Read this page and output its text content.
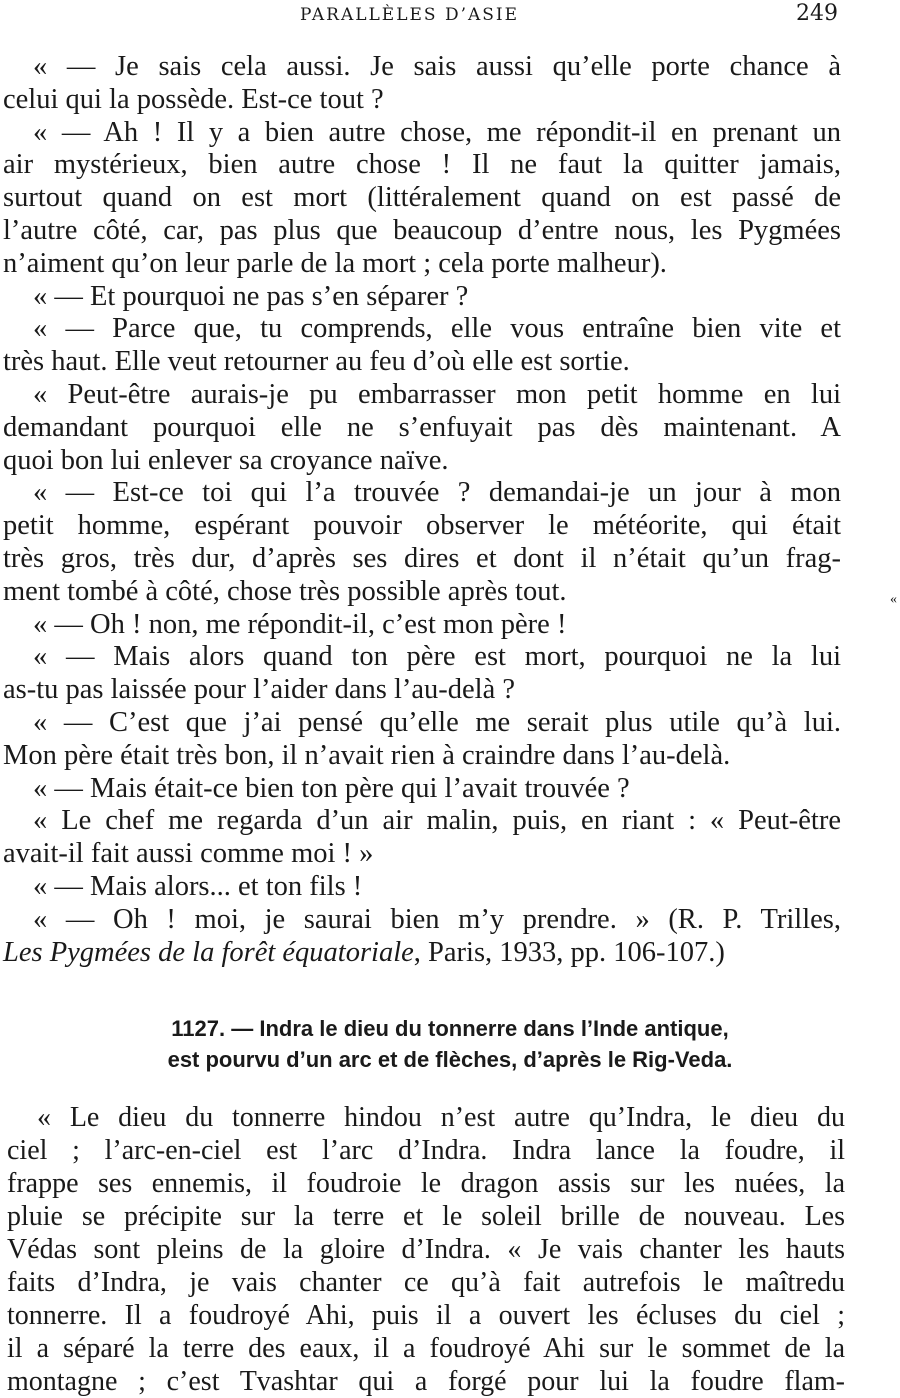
PARALLÈLES D’ASIE	249
« — Je sais cela aussi. Je sais aussi qu’elle porte chance à
celui qui la possède. Est-ce tout ?
« — Ah ! Il y a bien autre chose, me répondit-il en prenant un
air mystérieux, bien autre chose ! Il ne faut la quitter jamais,
surtout quand on est mort (littéralement quand on est passé de
l’autre côté, car, pas plus que beaucoup d’entre nous, les Pygmées
n’aiment qu’on leur parle de la mort ; cela porte malheur).
« — Et pourquoi ne pas s’en séparer ?
« — Parce que, tu comprends, elle vous entraîne bien vite et
très haut. Elle veut retourner au feu d’où elle est sortie.
« Peut-être aurais-je pu embarrasser mon petit homme en lui
demandant pourquoi elle ne s’enfuyait pas dès maintenant. A
quoi bon lui enlever sa croyance naïve.
« — Est-ce toi qui l’a trouvée ? demandai-je un jour à mon
petit homme, espérant pouvoir observer le météorite, qui était
très gros, très dur, d’après ses dires et dont il n’était qu’un frag-
ment tombé à côté, chose très possible après tout.
« — Oh ! non, me répondit-il, c’est mon père !
« — Mais alors quand ton père est mort, pourquoi ne la lui
as-tu pas laissée pour l’aider dans l’au-delà ?
« — C’est que j’ai pensé qu’elle me serait plus utile qu’à lui.
Mon père était très bon, il n’avait rien à craindre dans l’au-delà.
« — Mais était-ce bien ton père qui l’avait trouvée ?
« Le chef me regarda d’un air malin, puis, en riant : « Peut-être
avait-il fait aussi comme moi ! »
« — Mais alors... et ton fils !
« — Oh ! moi, je saurai bien m’y prendre. » (R. P. Trilles,
Les Pygmées de la forêt équatoriale, Paris, 1933, pp. 106-107.)
«
1127. — Indra le dieu du tonnerre dans l’Inde antique,
est pourvu d’un arc et de flèches, d’après le Rig-Veda.
« Le dieu du tonnerre hindou n’est autre qu’Indra, le dieu du
ciel ; l’arc-en-ciel est l’arc d’Indra. Indra lance la foudre, il
frappe ses ennemis, il foudroie le dragon assis sur les nuées, la
pluie se précipite sur la terre et le soleil brille de nouveau. Les
Védas sont pleins de la gloire d’Indra. « Je vais chanter les hauts
faits d’Indra, je vais chanter ce qu’à fait autrefois le maîtredu
tonnerre. Il a foudroyé Ahi, puis il a ouvert les écluses du ciel ;
il a séparé la terre des eaux, il a foudroyé Ahi sur le sommet de la
montagne ; c’est Tvashtar qui a forgé pour lui la foudre flam-
